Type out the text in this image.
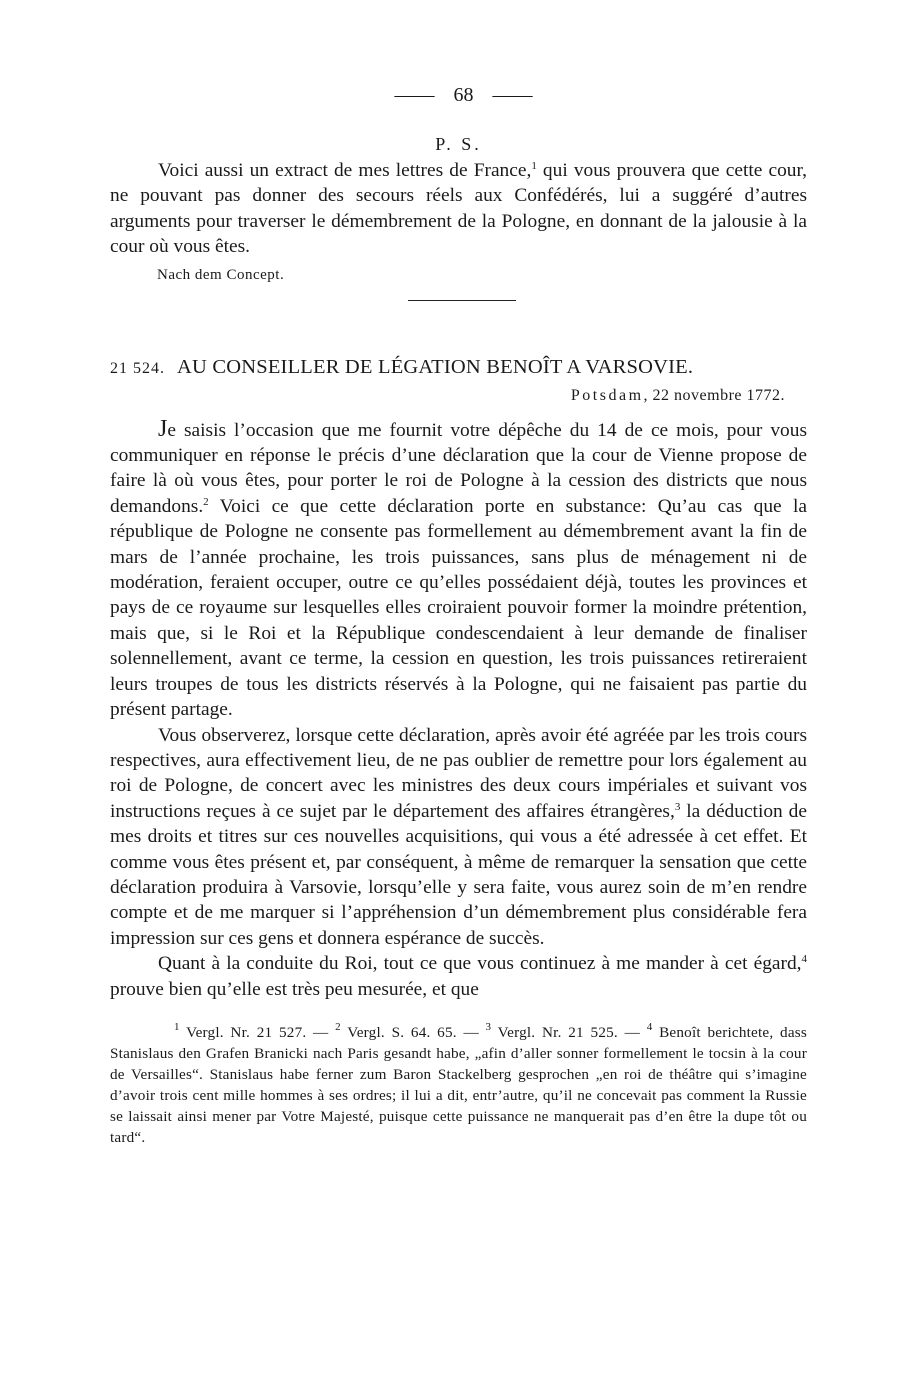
—— 68 ——
P. S.

Voici aussi un extract de mes lettres de France,$^1$ qui vous prouvera que cette cour, ne pouvant pas donner des secours réels aux Confédérés, lui a suggéré d’autres arguments pour traverser le démembrement de la Pologne, en donnant de la jalousie à la cour où vous êtes.

Nach dem Concept.
21 524. AU CONSEILLER DE LÉGATION BENOÎT A VARSOVIE.
Potsdam, 22 novembre 1772.

Je saisis l’occasion que me fournit votre dépêche du 14 de ce mois, pour vous communiquer en réponse le précis d’une déclaration que la cour de Vienne propose de faire là où vous êtes, pour porter le roi de Pologne à la cession des districts que nous demandons.$^2$ Voici ce que cette déclaration porte en substance: Qu’au cas que la république de Pologne ne consente pas formellement au démembrement avant la fin de mars de l’année prochaine, les trois puissances, sans plus de ménagement ni de modération, feraient occuper, outre ce qu’elles possédaient déjà, toutes les provinces et pays de ce royaume sur lesquelles elles croiraient pouvoir former la moindre prétention, mais que, si le Roi et la République condescendaient à leur demande de finaliser solennellement, avant ce terme, la cession en question, les trois puissances retireraient leurs troupes de tous les districts réservés à la Pologne, qui ne faisaient pas partie du présent partage.

Vous observerez, lorsque cette déclaration, après avoir été agréée par les trois cours respectives, aura effectivement lieu, de ne pas oublier de remettre pour lors également au roi de Pologne, de concert avec les ministres des deux cours impériales et suivant vos instructions reçues à ce sujet par le département des affaires étrangères,$^3$ la déduction de mes droits et titres sur ces nouvelles acquisitions, qui vous a été adressée à cet effet. Et comme vous êtes présent et, par conséquent, à même de remarquer la sensation que cette déclaration produira à Varsovie, lorsqu’elle y sera faite, vous aurez soin de m’en rendre compte et de me marquer si l’appréhension d’un démembrement plus considérable fera impression sur ces gens et donnera espérance de succès.

Quant à la conduite du Roi, tout ce que vous continuez à me mander à cet égard,$^4$ prouve bien qu’elle est très peu mesurée, et que

$^1$ Vergl. Nr. 21 527. — $^2$ Vergl. S. 64. 65. — $^3$ Vergl. Nr. 21 525. — $^4$ Benoît berichtete, dass Stanislaus den Grafen Branicki nach Paris gesandt habe, „afin d’aller sonner formellement le tocsin à la cour de Versailles“. Stanislaus habe ferner zum Baron Stackelberg gesprochen „en roi de théâtre qui s’imagine d’avoir trois cent mille hommes à ses ordres; il lui a dit, entr’autre, qu’il ne concevait pas comment la Russie se laissait ainsi mener par Votre Majesté, puisque cette puissance ne manquerait pas d’en être la dupe tôt ou tard“.
